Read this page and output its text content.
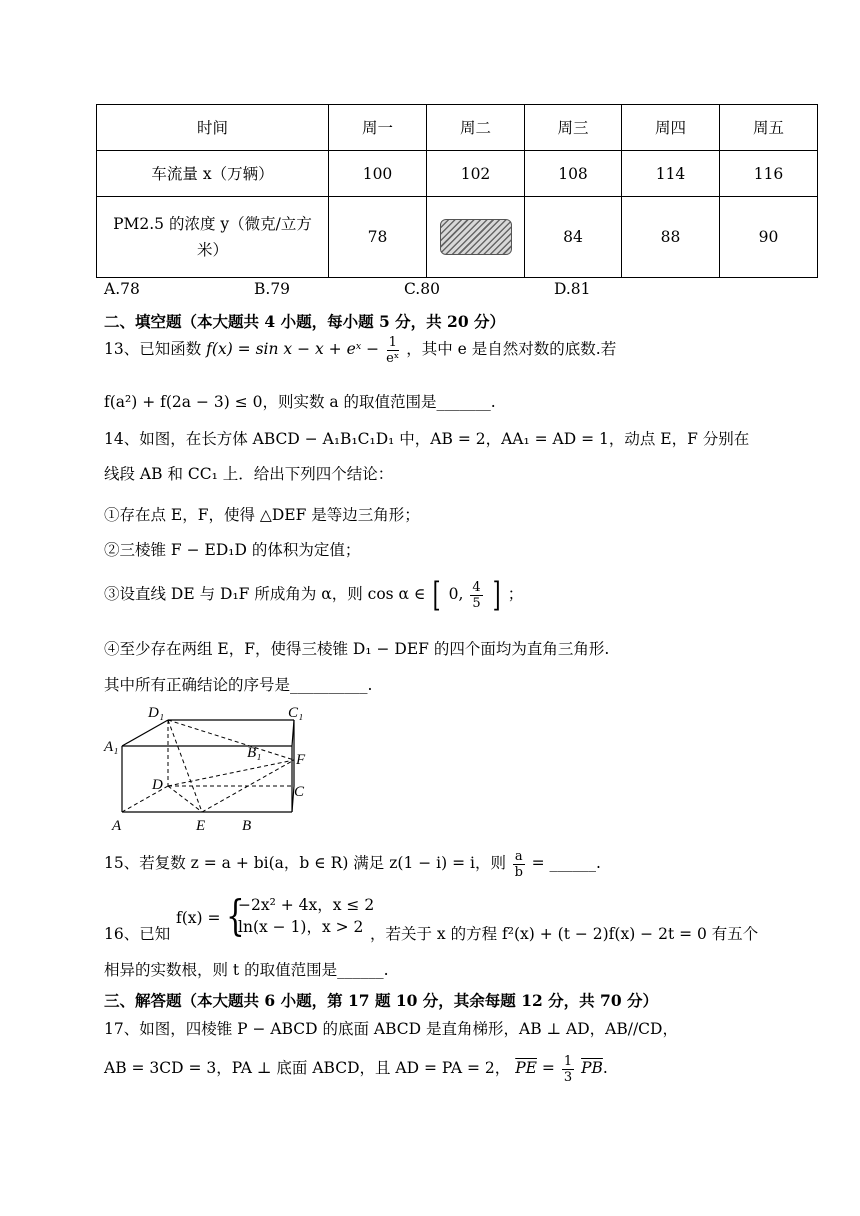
时间	周一	周二	周三	周四	周五
车流量 x（万辆）	100	102	108	114	116

PM2.5 的浓度 y（微克/立方
米）	78		84	88	90
A.78	B.79	C.80	D.81
二、填空题（本大题共 4 小题，每小题 5 分，共 20 分）
13、已知函数 f(x) = sin x − x + eˣ − $\frac{1}{\text{eˣ}}$ ，其中 e 是自然对数的底数.若
f(a²) + f(2a − 3) ≤ 0，则实数 a 的取值范围是_______.
14、如图，在长方体 ABCD − A₁B₁C₁D₁ 中，AB = 2，AA₁ = AD = 1，动点 E，F 分别在
线段 AB 和 CC₁ 上．给出下列四个结论：
①存在点 E，F，使得 △DEF 是等边三角形；
②三棱锥 F − ED₁D 的体积为定值；
③设直线 DE 与 D₁F 所成角为 α，则 cos α ∈ [ 0, $\frac{4}{5}$ ] ；
④至少存在两组 E，F，使得三棱锥 D₁ − DEF 的四个面均为直角三角形.
其中所有正确结论的序号是__________.
D₁	C₁
A₁	B₁ F
D	C
A	E B
15、若复数 z = a + bi(a，b ∈ R) 满足 z(1 − i) = i，则 $\frac{a}{b}$ = ______.
16、已知
f(x) = {
−2x² + 4x，x ≤ 2
ln(x − 1)，x > 2 ，若关于 x 的方程 f²(x) + (t − 2)f(x) − 2t = 0 有五个
相异的实数根，则 t 的取值范围是______.
三、解答题（本大题共 6 小题，第 17 题 10 分，其余每题 12 分，共 70 分）
17、如图，四棱锥 P − ABCD 的底面 ABCD 是直角梯形，AB ⊥ AD，AB//CD，
AB = 3CD = 3，PA ⊥ 底面 ABCD，且 AD = PA = 2， $\overline{PE} = \frac{1}{3} \overline{PB}$.
